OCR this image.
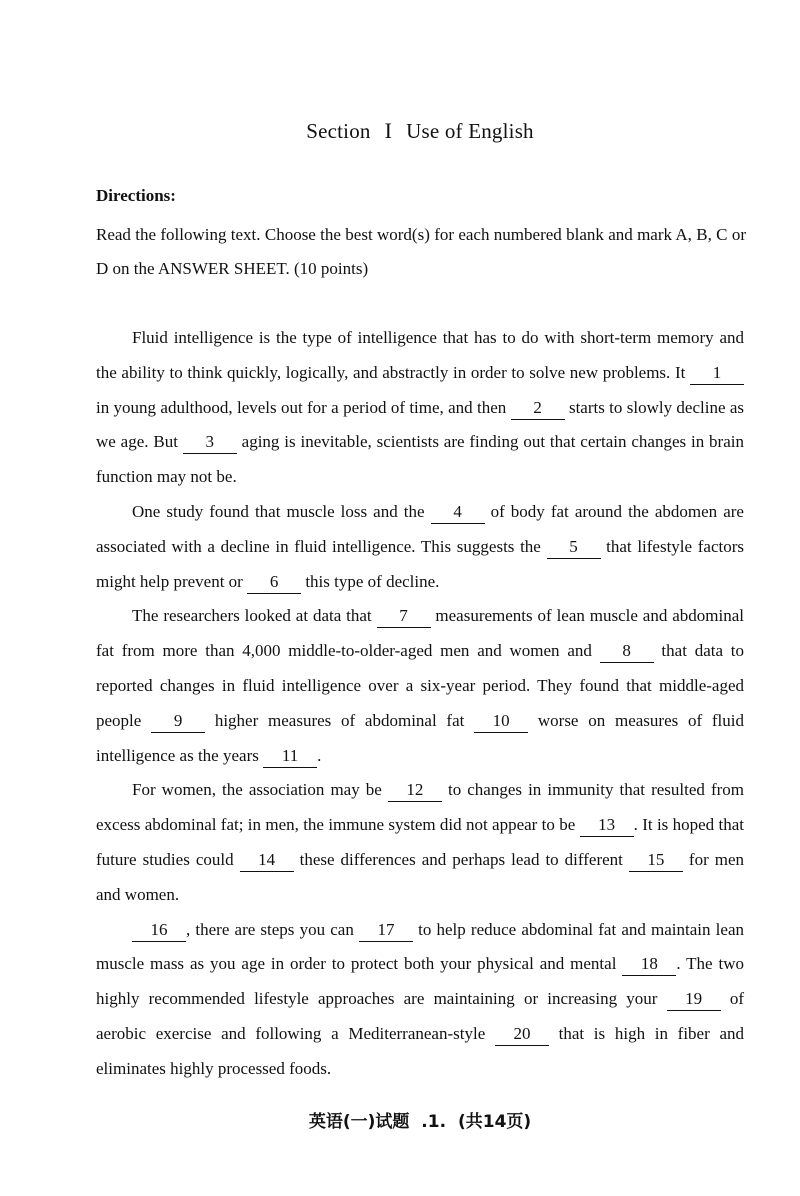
Section I Use of English
Directions:
Read the following text. Choose the best word(s) for each numbered blank and mark A, B, C or D on the ANSWER SHEET. (10 points)

Fluid intelligence is the type of intelligence that has to do with short-term memory and the ability to think quickly, logically, and abstractly in order to solve new problems. It 1 in young adulthood, levels out for a period of time, and then 2 starts to slowly decline as we age. But 3 aging is inevitable, scientists are finding out that certain changes in brain function may not be.

One study found that muscle loss and the 4 of body fat around the abdomen are associated with a decline in fluid intelligence. This suggests the 5 that lifestyle factors might help prevent or 6 this type of decline.

The researchers looked at data that 7 measurements of lean muscle and abdominal fat from more than 4,000 middle-to-older-aged men and women and 8 that data to reported changes in fluid intelligence over a six-year period. They found that middle-aged people 9 higher measures of abdominal fat 10 worse on measures of fluid intelligence as the years 11 .

For women, the association may be 12 to changes in immunity that resulted from excess abdominal fat; in men, the immune system did not appear to be 13 . It is hoped that future studies could 14 these differences and perhaps lead to different 15 for men and women.

16 , there are steps you can 17 to help reduce abdominal fat and maintain lean muscle mass as you age in order to protect both your physical and mental 18 . The two highly recommended lifestyle approaches are maintaining or increasing your 19 of aerobic exercise and following a Mediterranean-style 20 that is high in fiber and eliminates highly processed foods.

英语(一)试题 .1. (共14页)
